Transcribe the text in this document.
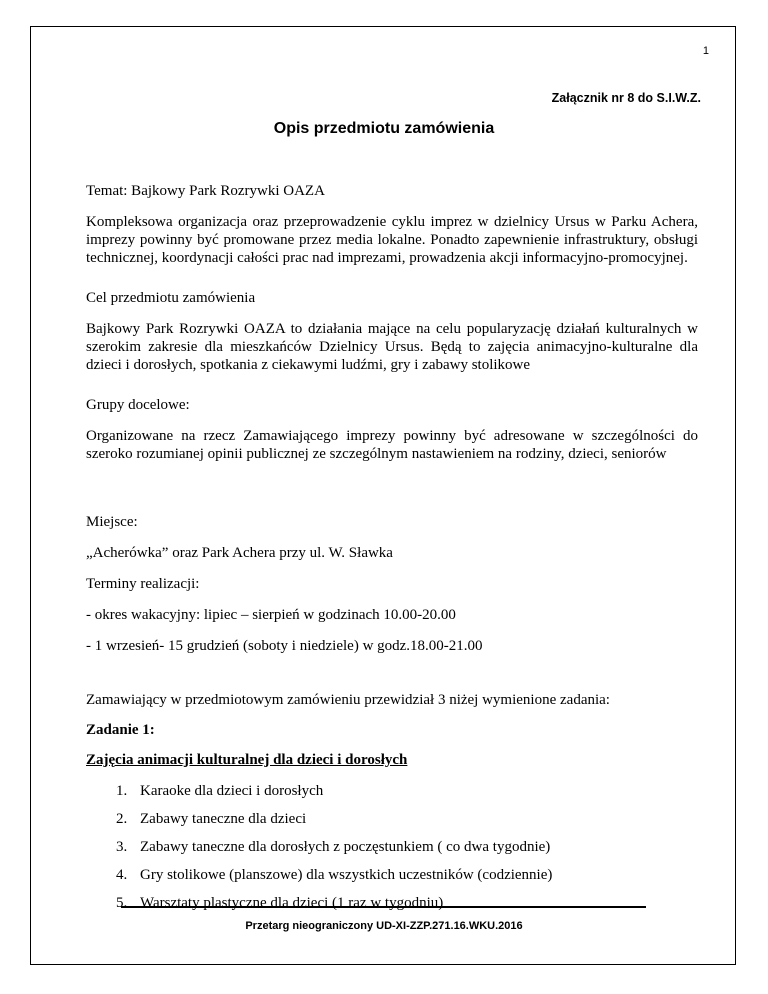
1
Załącznik nr 8 do S.I.W.Z.
Opis przedmiotu zamówienia
Temat: Bajkowy Park Rozrywki OAZA
Kompleksowa organizacja oraz przeprowadzenie cyklu imprez w dzielnicy Ursus w Parku Achera, imprezy powinny być promowane przez media lokalne. Ponadto zapewnienie infrastruktury, obsługi technicznej, koordynacji całości prac nad imprezami, prowadzenia akcji informacyjno-promocyjnej.
Cel przedmiotu zamówienia
Bajkowy Park Rozrywki OAZA to działania mające na celu popularyzację działań kulturalnych w szerokim zakresie dla mieszkańców Dzielnicy Ursus. Będą to zajęcia animacyjno-kulturalne dla dzieci i dorosłych, spotkania z ciekawymi ludźmi, gry i zabawy stolikowe
Grupy docelowe:
Organizowane na rzecz Zamawiającego imprezy powinny być adresowane w szczególności do szeroko rozumianej opinii publicznej ze szczególnym nastawieniem na rodziny, dzieci, seniorów
Miejsce:
„Acherówka” oraz Park Achera przy ul. W. Sławka
Terminy realizacji:
- okres wakacyjny: lipiec – sierpień w godzinach 10.00-20.00
- 1 wrzesień- 15 grudzień (soboty i niedziele) w godz.18.00-21.00
Zamawiający w przedmiotowym zamówieniu przewidział 3 niżej wymienione zadania:
Zadanie 1:
Zajęcia animacji kulturalnej dla dzieci i dorosłych
1. Karaoke dla dzieci i dorosłych
2. Zabawy taneczne dla dzieci
3. Zabawy taneczne dla dorosłych z poczęstunkiem ( co dwa tygodnie)
4. Gry stolikowe (planszowe) dla wszystkich uczestników (codziennie)
5. Warsztaty plastyczne dla dzieci (1 raz w tygodniu)
Przetarg nieograniczony UD-XI-ZZP.271.16.WKU.2016
